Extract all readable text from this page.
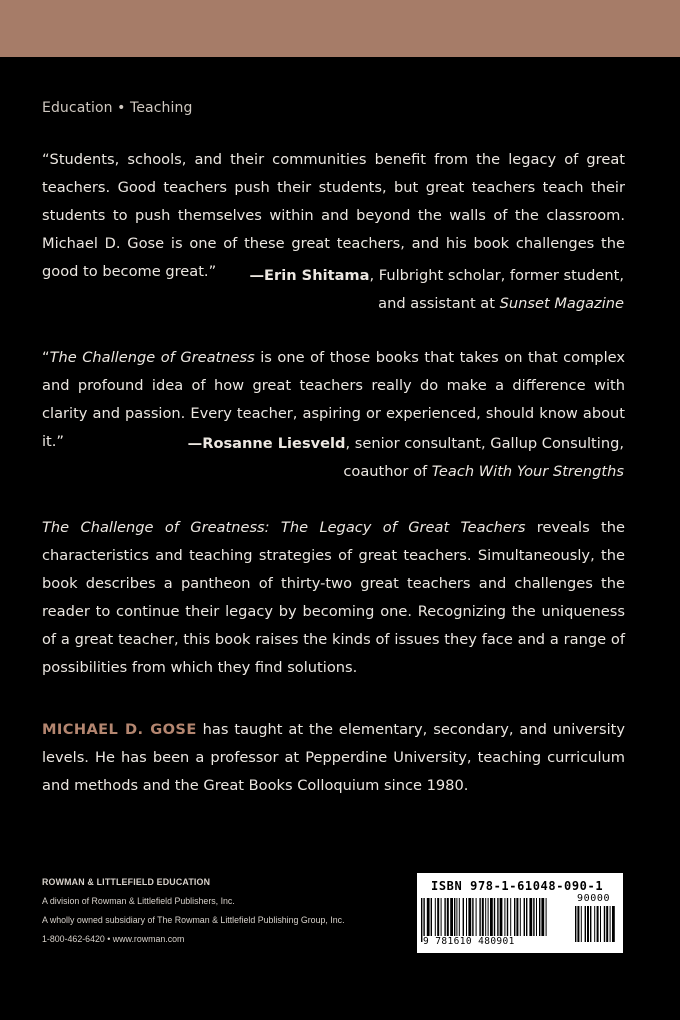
Education • Teaching
“Students, schools, and their communities benefit from the legacy of great teachers. Good teachers push their students, but great teachers teach their students to push themselves within and beyond the walls of the classroom. Michael D. Gose is one of these great teachers, and his book challenges the good to become great.”	—Erin Shitama, Fulbright scholar, former student,
and assistant at Sunset Magazine
“The Challenge of Greatness is one of those books that takes on that complex and profound idea of how great teachers really do make a difference with clarity and passion. Every teacher, aspiring or experienced, should know about it.”	—Rosanne Liesveld, senior consultant, Gallup Consulting,
coauthor of Teach With Your Strengths
The Challenge of Greatness: The Legacy of Great Teachers reveals the characteristics and teaching strategies of great teachers. Simultaneously, the book describes a pantheon of thirty-two great teachers and challenges the reader to continue their legacy by becoming one. Recognizing the uniqueness of a great teacher, this book raises the kinds of issues they face and a range of possibilities from which they find solutions.
MICHAEL D. GOSE has taught at the elementary, secondary, and university levels. He has been a professor at Pepperdine University, teaching curriculum and methods and the Great Books Colloquium since 1980.
ROWMAN & LITTLEFIELD EDUCATION
A division of Rowman & Littlefield Publishers, Inc.
A wholly owned subsidiary of The Rowman & Littlefield Publishing Group, Inc.
1-800-462-6420 • www.rowman.com
ISBN 978-1-61048-090-1
90000
9 781610 480901
